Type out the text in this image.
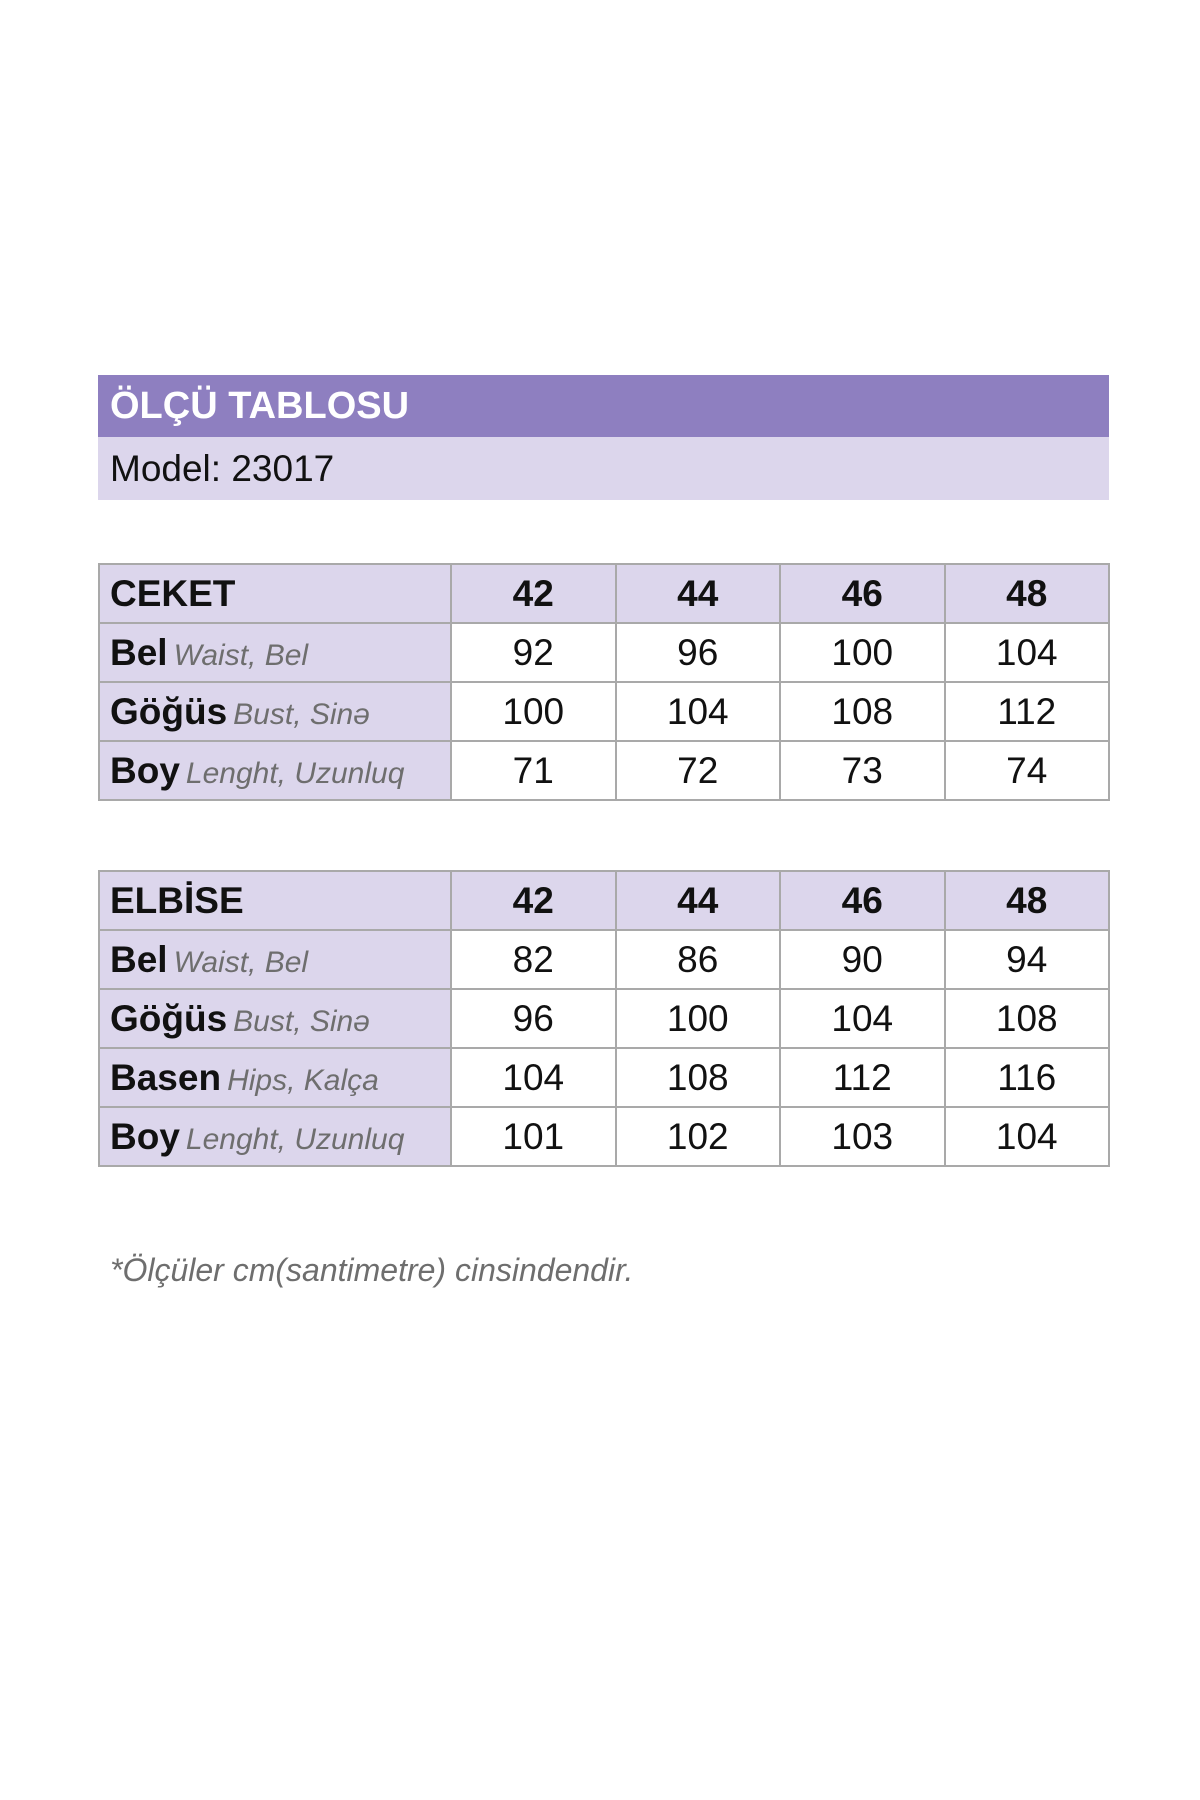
ÖLÇÜ TABLOSU
Model: 23017
CEKET	42	44	46	48
Bel Waist, Bel	92	96	100	104
Göğüs Bust, Sinə	100	104	108	112
Boy Lenght, Uzunluq	71	72	73	74
ELBİSE	42	44	46	48
Bel Waist, Bel	82	86	90	94
Göğüs Bust, Sinə	96	100	104	108
Basen Hips, Kalça	104	108	112	116
Boy Lenght, Uzunluq	101	102	103	104
*Ölçüler cm(santimetre) cinsindendir.
